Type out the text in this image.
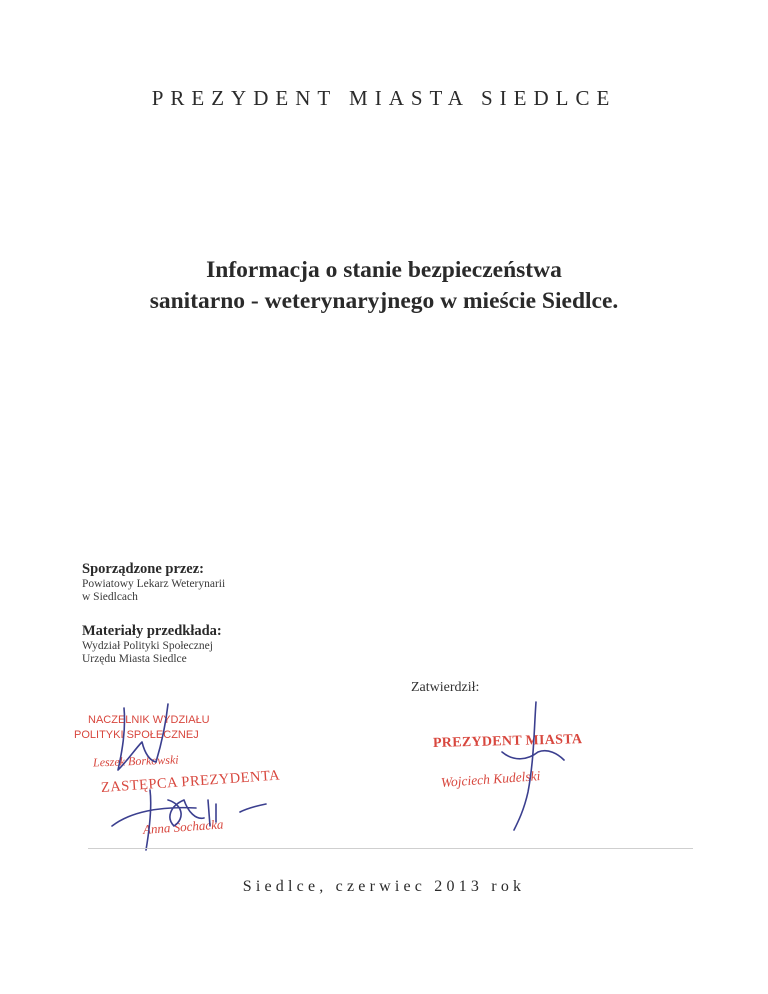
PREZYDENT MIASTA SIEDLCE
Informacja o stanie bezpieczeństwa
sanitarno - weterynaryjnego w mieście Siedlce.
Sporządzone przez:
Powiatowy Lekarz Weterynarii
w Siedlcach
Materiały przedkłada:
Wydział Polityki Społecznej
Urzędu Miasta Siedlce
Zatwierdził:
NACZELNIK WYDZIAŁU
POLITYKI SPOŁECZNEJ
Leszek Borkowski
ZASTĘPCA PREZYDENTA
Anna Sochacka
PREZYDENT MIASTA
Wojciech Kudelski
Siedlce, czerwiec 2013 rok
